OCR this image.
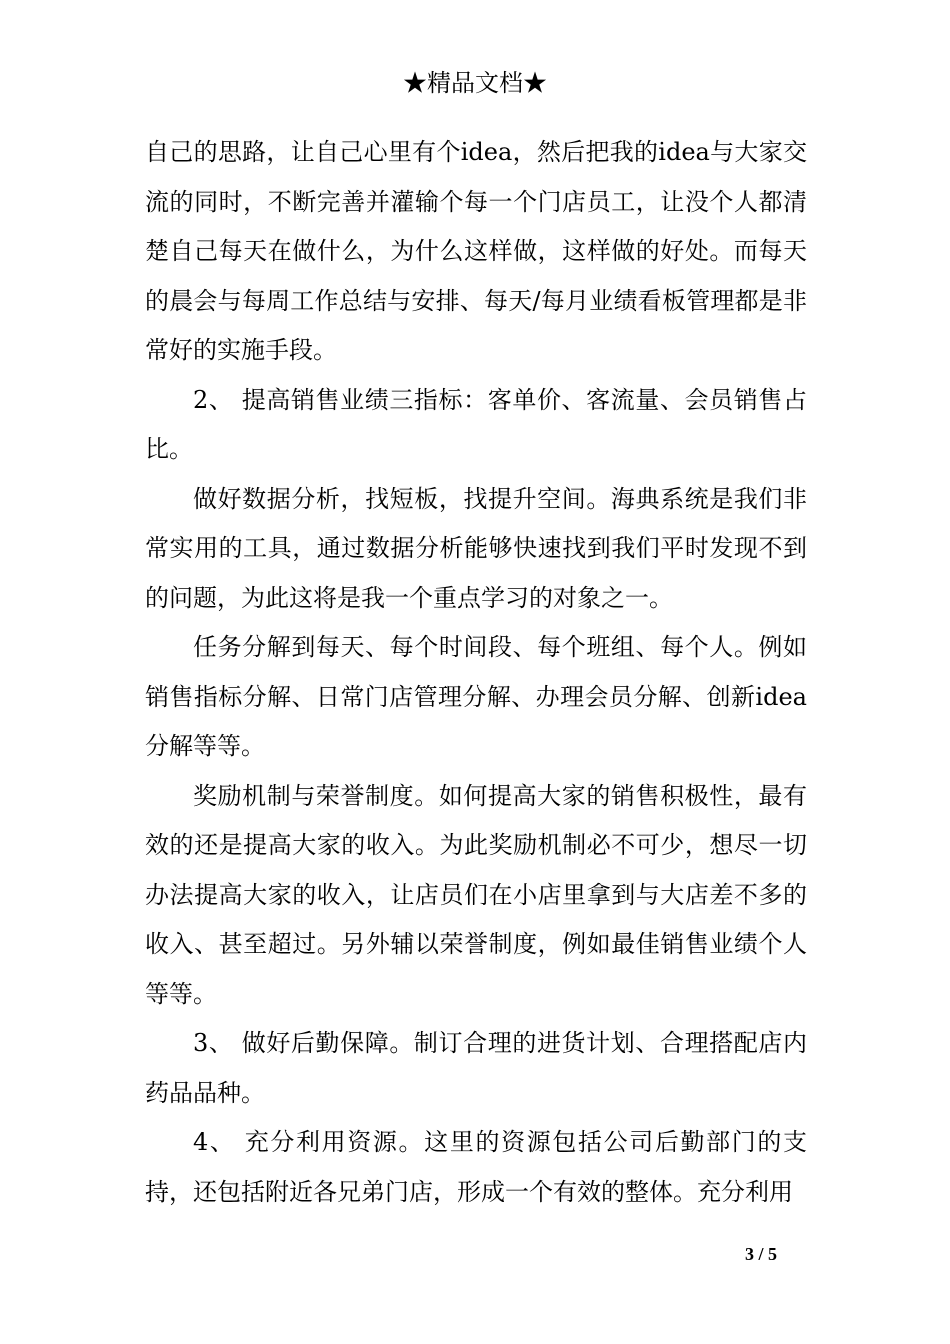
★精品文档★

自己的思路，让自己心里有个idea，然后把我的idea与大家交流的同时，不断完善并灌输个每一个门店员工，让没个人都清楚自己每天在做什么，为什么这样做，这样做的好处。而每天的晨会与每周工作总结与安排、每天/每月业绩看板管理都是非常好的实施手段。

2、 提高销售业绩三指标：客单价、客流量、会员销售占比。

做好数据分析，找短板，找提升空间。海典系统是我们非常实用的工具，通过数据分析能够快速找到我们平时发现不到的问题，为此这将是我一个重点学习的对象之一。

任务分解到每天、每个时间段、每个班组、每个人。例如销售指标分解、日常门店管理分解、办理会员分解、创新idea分解等等。

奖励机制与荣誉制度。如何提高大家的销售积极性，最有效的还是提高大家的收入。为此奖励机制必不可少，想尽一切办法提高大家的收入，让店员们在小店里拿到与大店差不多的收入、甚至超过。另外辅以荣誉制度，例如最佳销售业绩个人等等。

3、 做好后勤保障。制订合理的进货计划、合理搭配店内药品品种。

4、 充分利用资源。这里的资源包括公司后勤部门的支持，还包括附近各兄弟门店，形成一个有效的整体。充分利用

3 / 5
